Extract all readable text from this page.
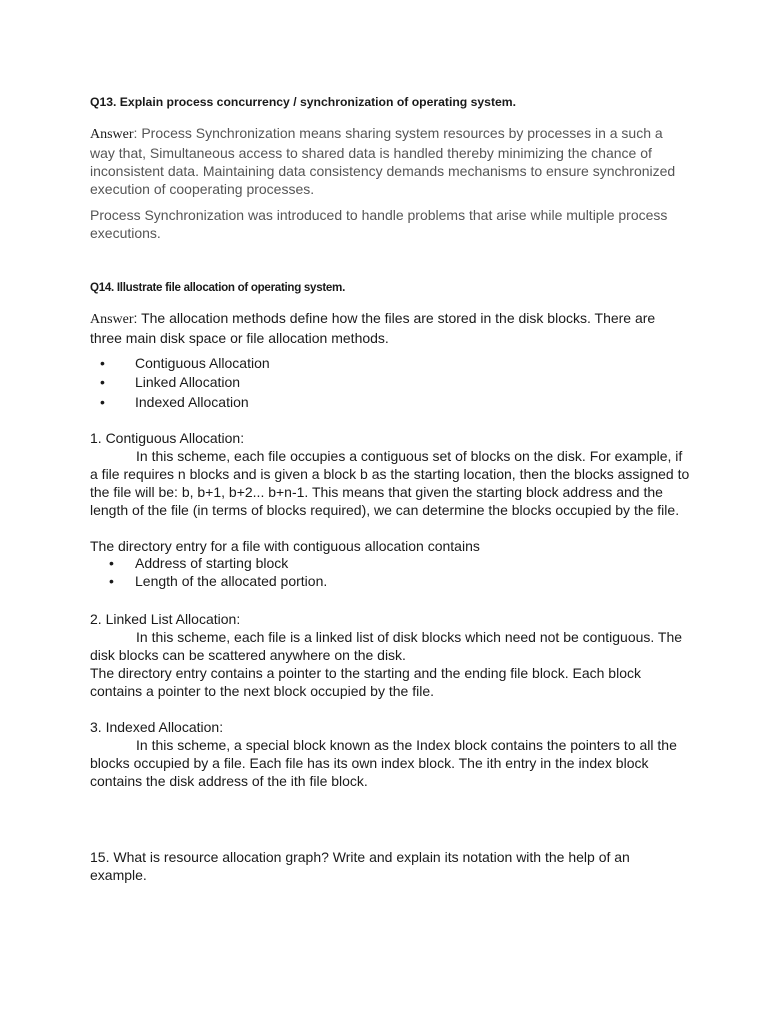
Q13. Explain process concurrency / synchronization of operating system.
Answer: Process Synchronization means sharing system resources by processes in a such a way that, Simultaneous access to shared data is handled thereby minimizing the chance of inconsistent data. Maintaining data consistency demands mechanisms to ensure synchronized execution of cooperating processes.
Process Synchronization was introduced to handle problems that arise while multiple process executions.
Q14. Illustrate file allocation of operating system.
Answer: The allocation methods define how the files are stored in the disk blocks. There are three main disk space or file allocation methods.
• Contiguous Allocation
• Linked Allocation
• Indexed Allocation
1. Contiguous Allocation:
In this scheme, each file occupies a contiguous set of blocks on the disk. For example, if a file requires n blocks and is given a block b as the starting location, then the blocks assigned to the file will be: b, b+1, b+2... b+n-1. This means that given the starting block address and the length of the file (in terms of blocks required), we can determine the blocks occupied by the file.
The directory entry for a file with contiguous allocation contains
• Address of starting block
• Length of the allocated portion.
2. Linked List Allocation:
In this scheme, each file is a linked list of disk blocks which need not be contiguous. The disk blocks can be scattered anywhere on the disk.
The directory entry contains a pointer to the starting and the ending file block. Each block contains a pointer to the next block occupied by the file.
3. Indexed Allocation:
In this scheme, a special block known as the Index block contains the pointers to all the blocks occupied by a file. Each file has its own index block. The ith entry in the index block contains the disk address of the ith file block.
15. What is resource allocation graph? Write and explain its notation with the help of an example.
